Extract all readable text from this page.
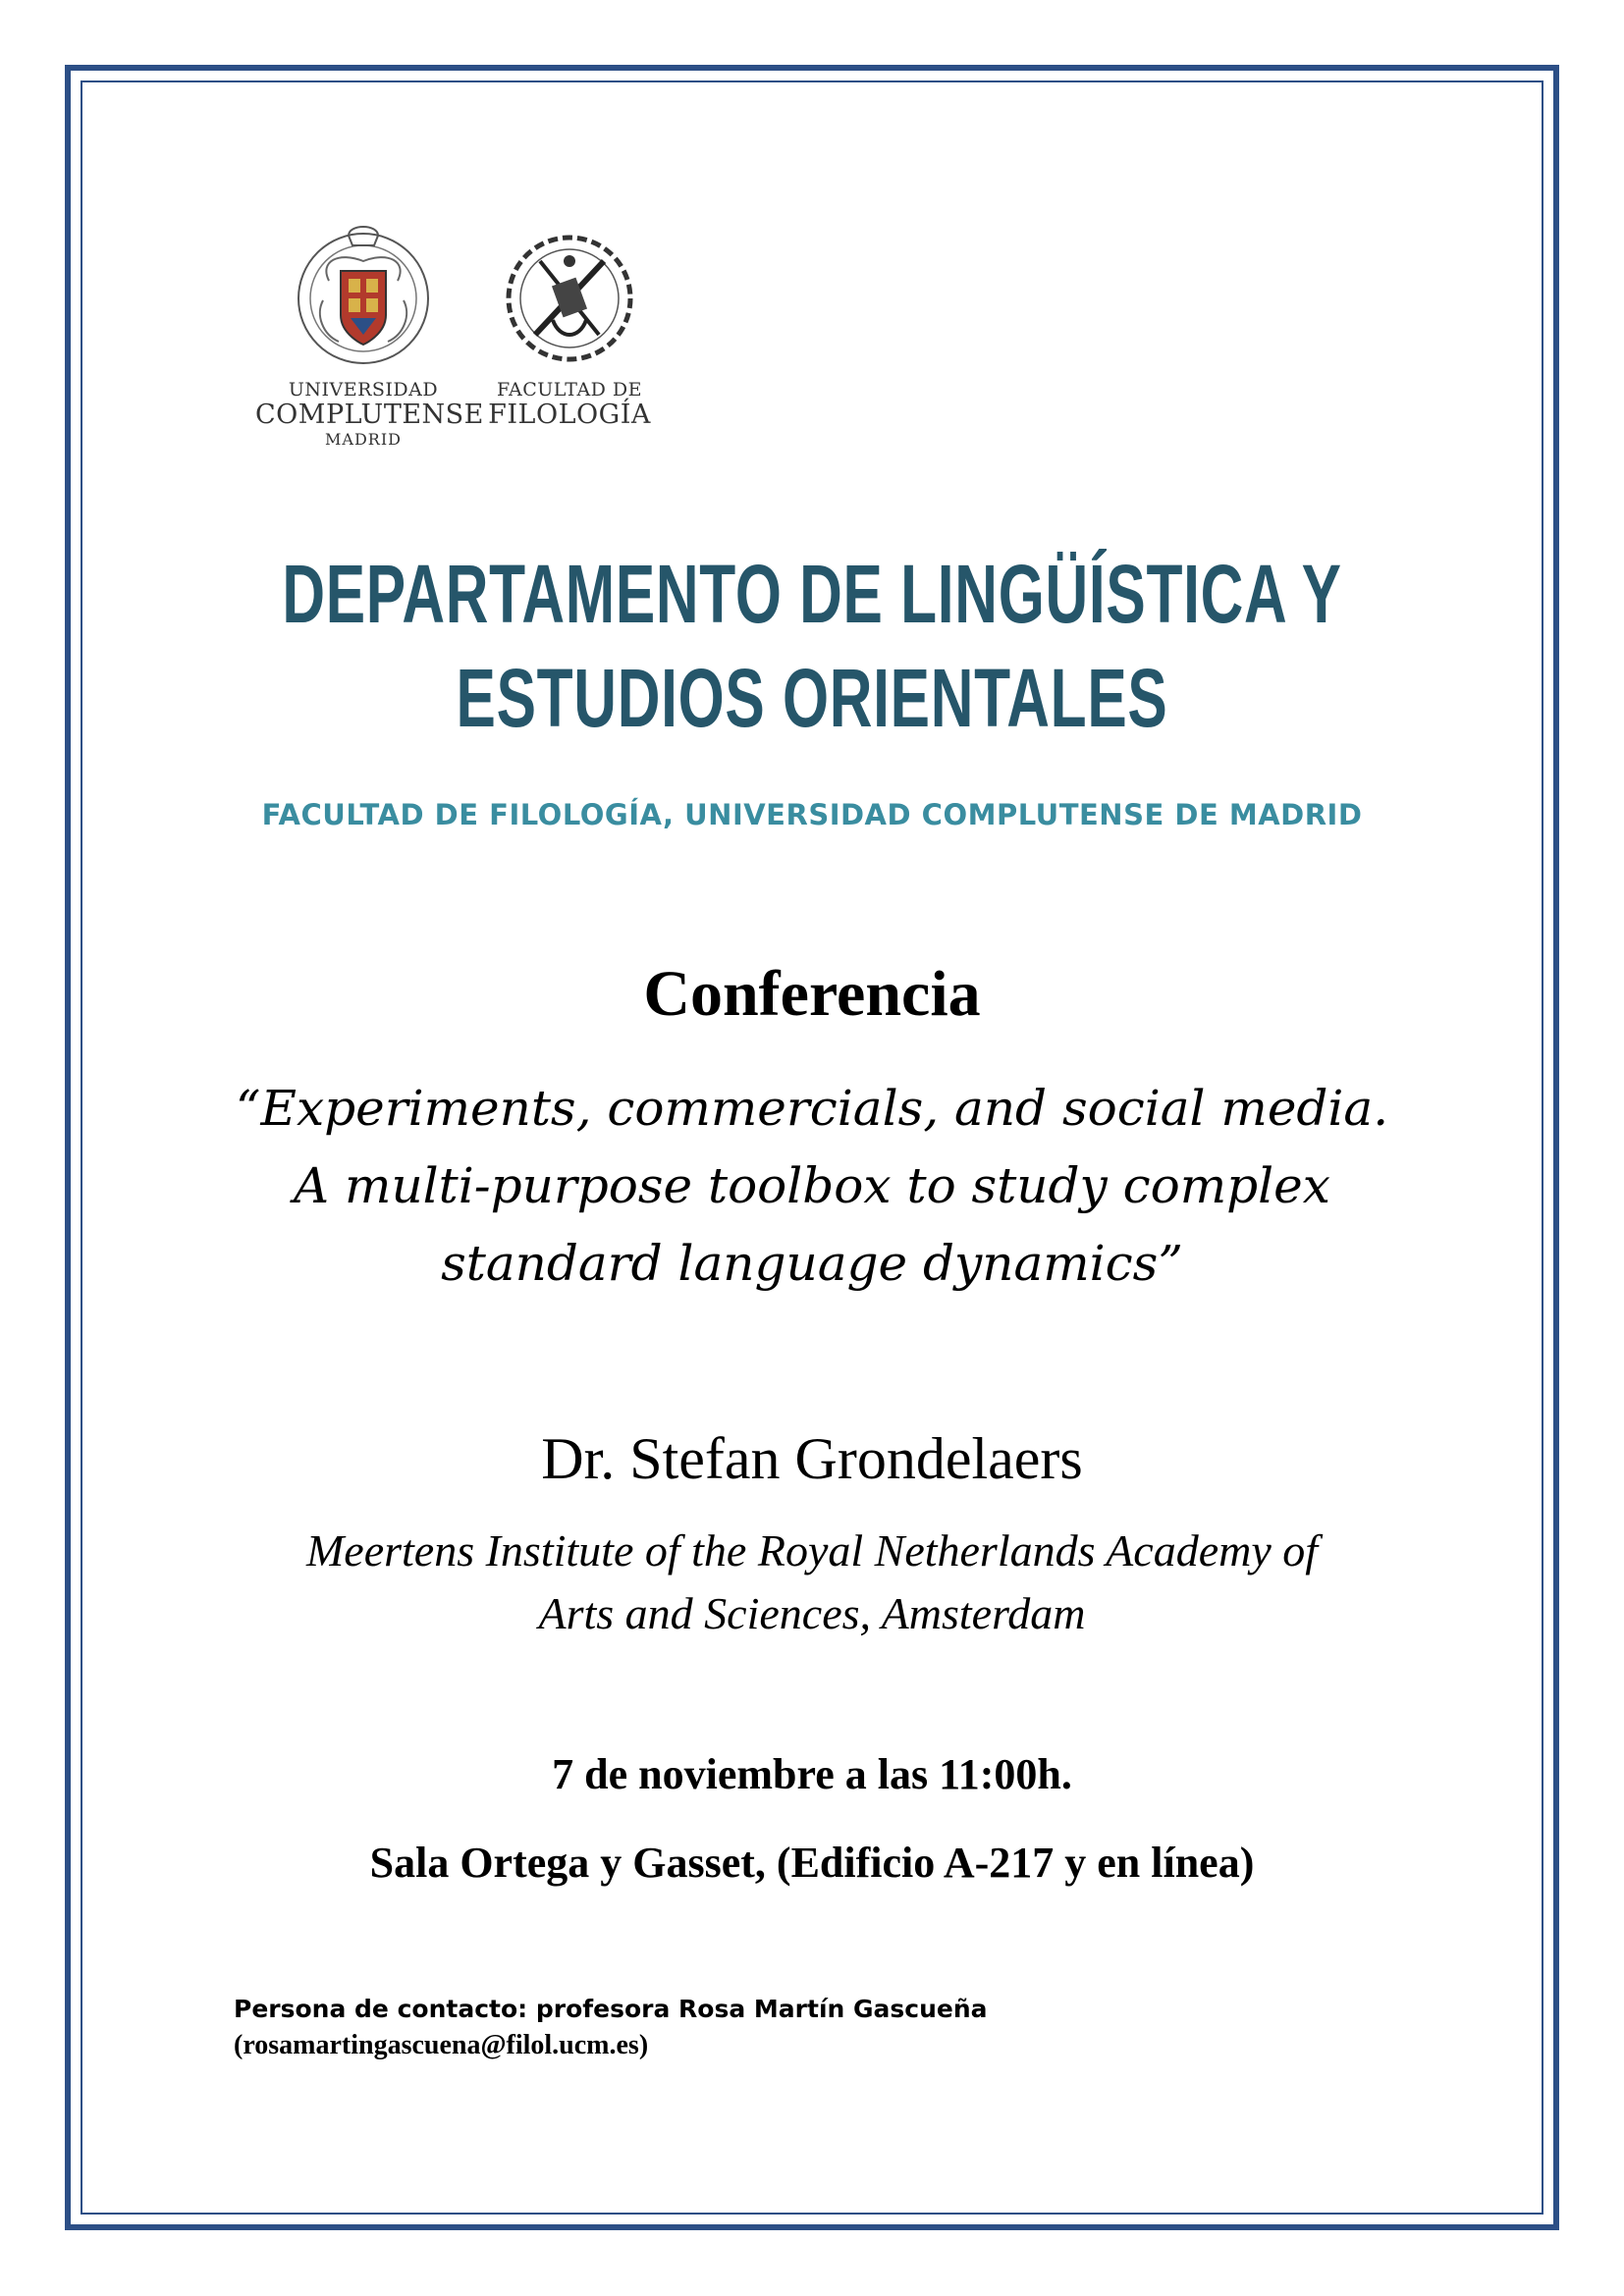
UNIVERSIDAD
COMPLUTENSE
MADRID
FACULTAD DE
FILOLOGÍA
DEPARTAMENTO DE LINGÜÍSTICA Y
ESTUDIOS ORIENTALES
FACULTAD DE FILOLOGÍA, UNIVERSIDAD COMPLUTENSE DE MADRID
Conferencia
“Experiments, commercials, and social media.
A multi-purpose toolbox to study complex
standard language dynamics”
Dr. Stefan Grondelaers
Meertens Institute of the Royal Netherlands Academy of
Arts and Sciences, Amsterdam
7 de noviembre a las 11:00h.
Sala Ortega y Gasset, (Edificio A-217 y en línea)
Persona de contacto: profesora Rosa Martín Gascueña
(rosamartingascuena@filol.ucm.es)
